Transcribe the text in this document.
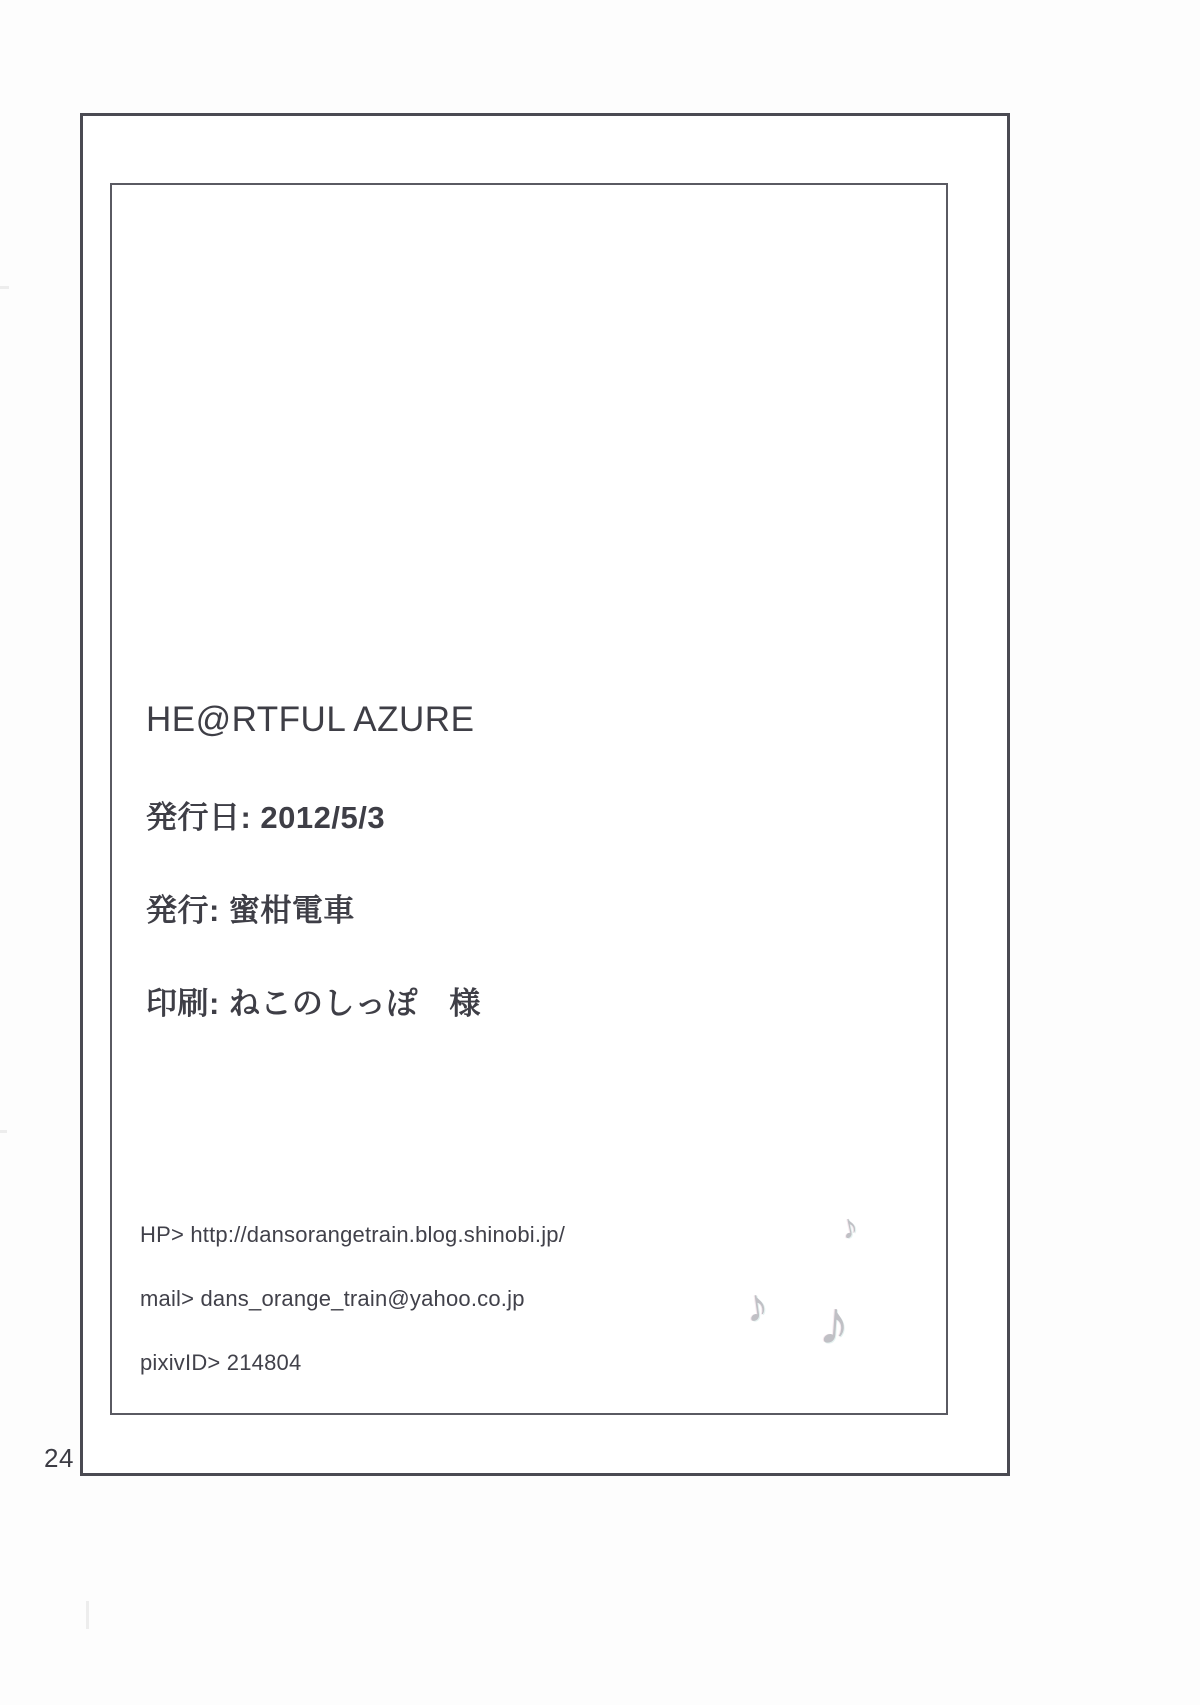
HE@RTFUL AZURE

発行日: 2012/5/3

発行: 蜜柑電車

印刷: ねこのしっぽ　様

HP> http://dansorangetrain.blog.shinobi.jp/

mail> dans_orange_train@yahoo.co.jp

pixivID> 214804

♪
♪ ♪
24
